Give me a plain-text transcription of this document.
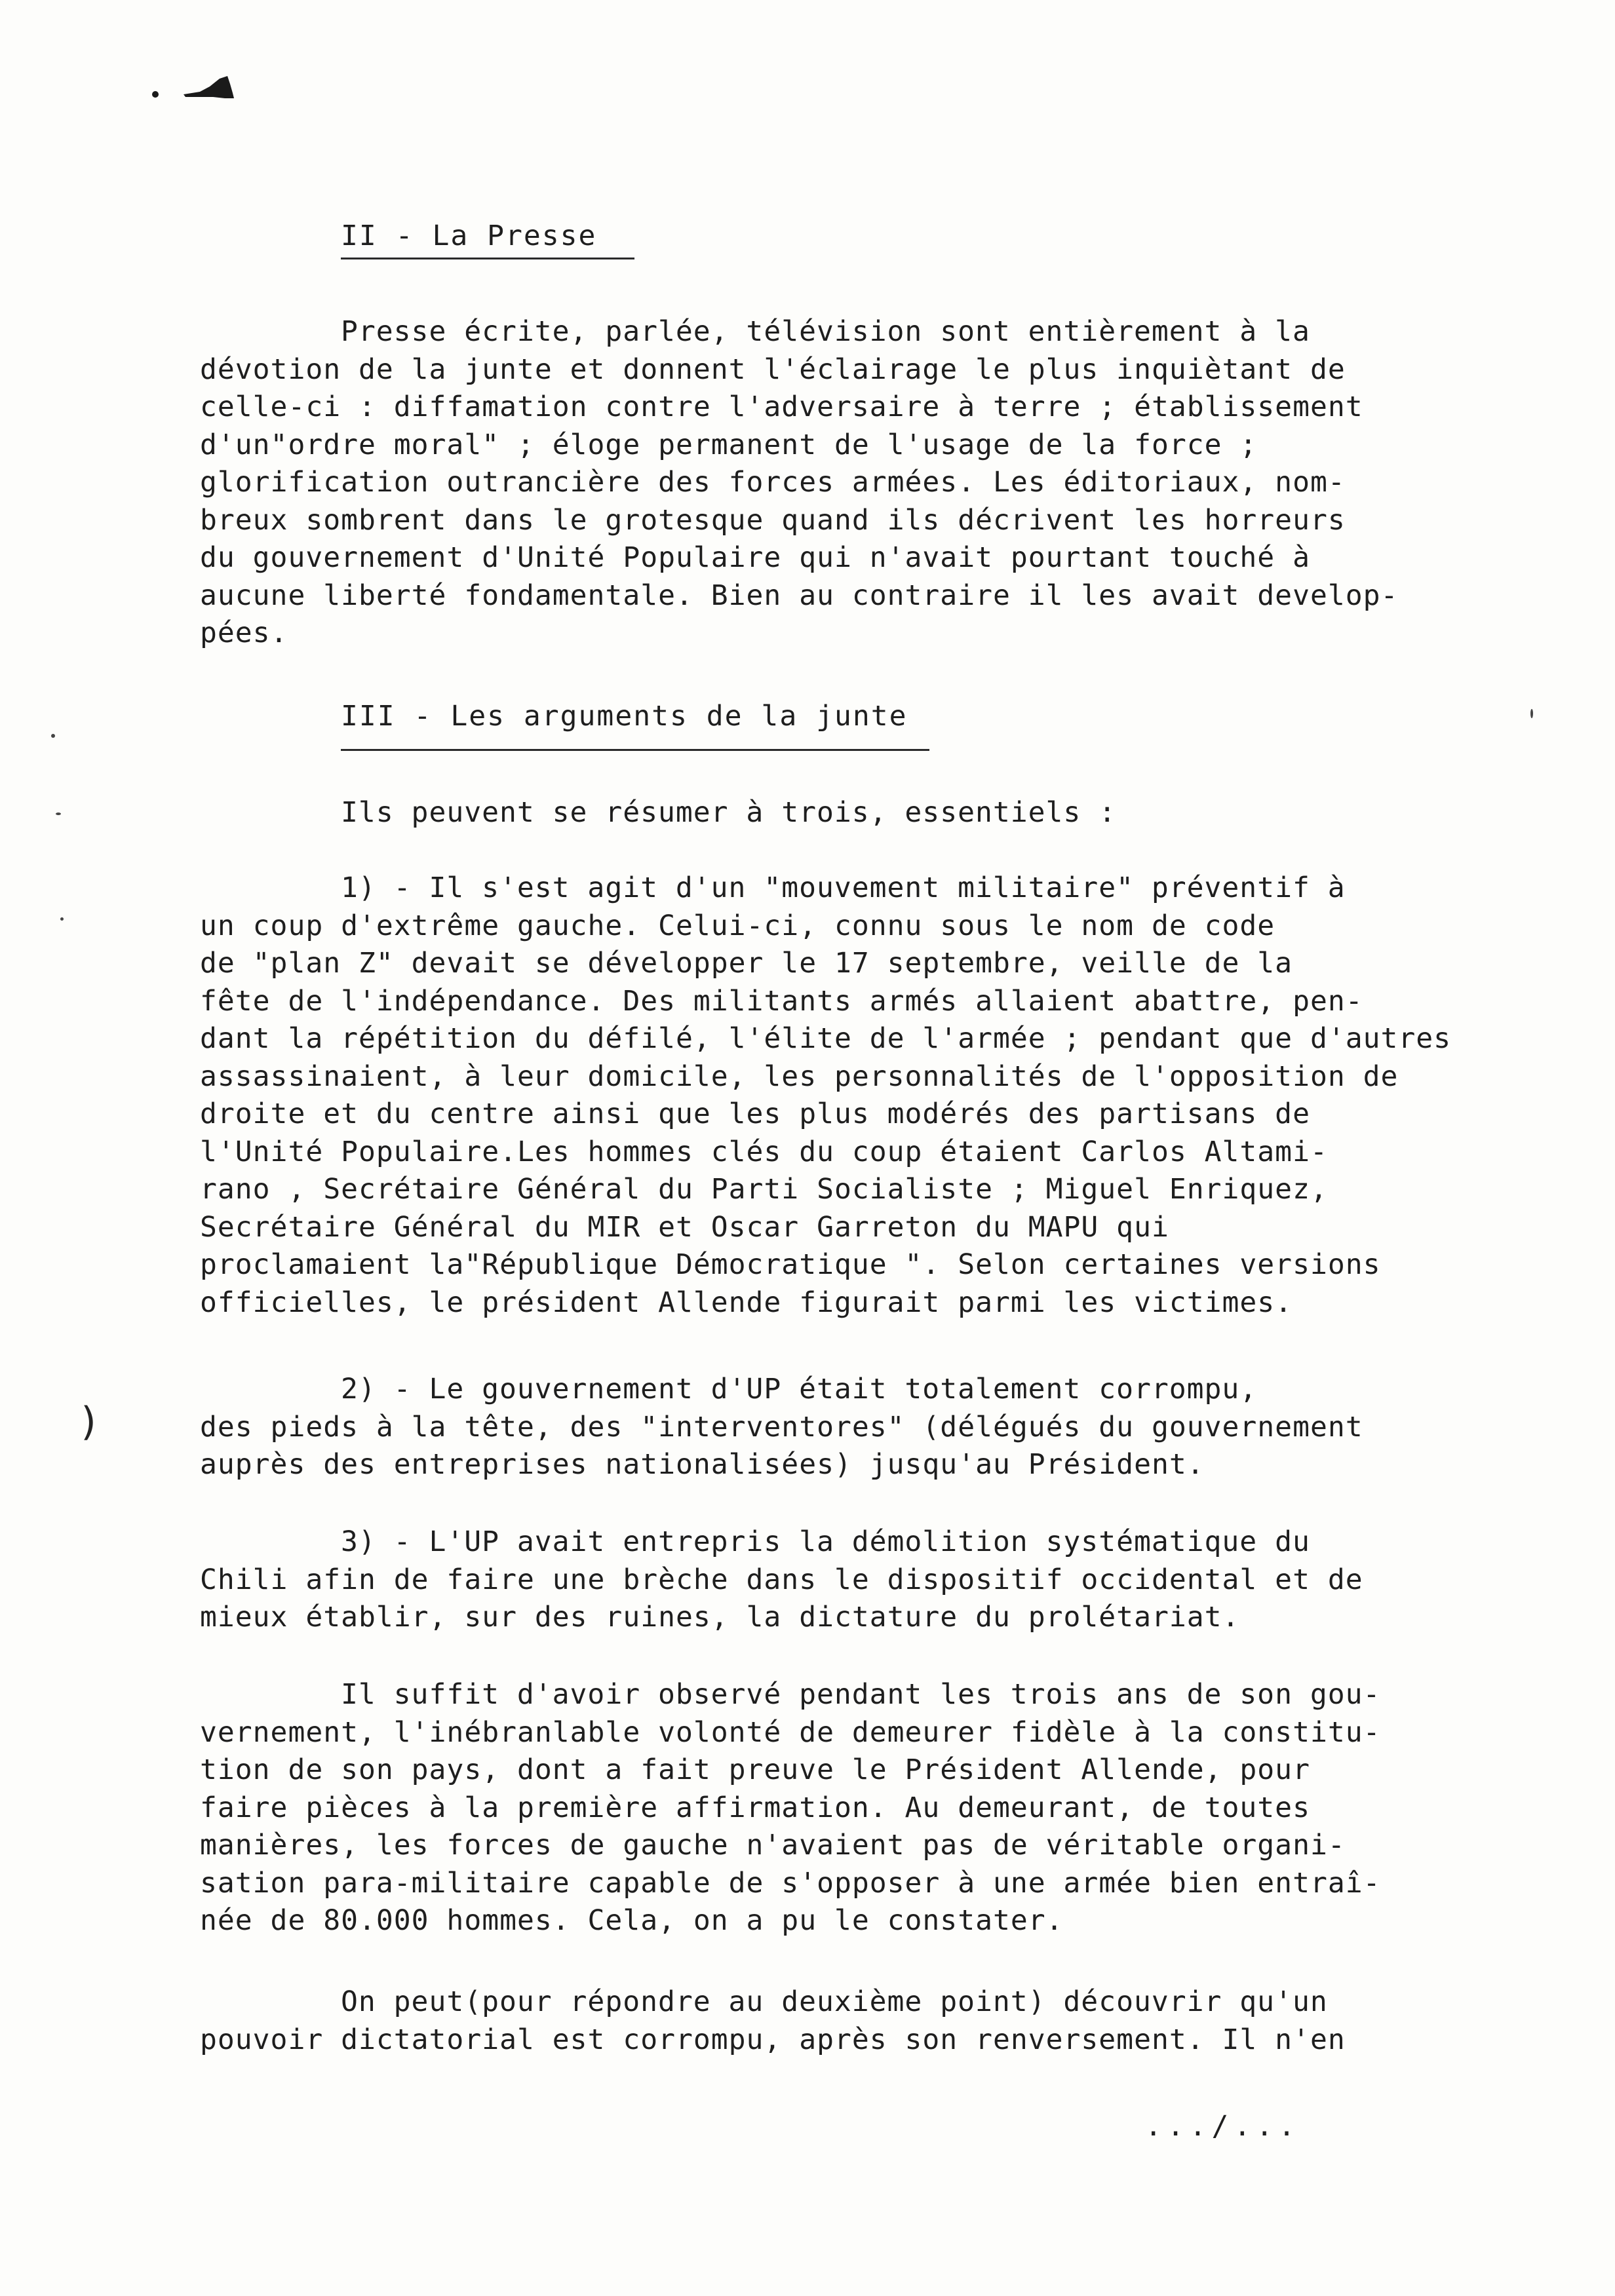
II - La Presse
Presse écrite, parlée, télévision sont entièrement à la
dévotion de la junte et donnent l'éclairage le plus inquiètant de
celle-ci : diffamation contre l'adversaire à terre ; établissement
d'un"ordre moral" ; éloge permanent de l'usage de la force ;
glorification outrancière des forces armées. Les éditoriaux, nom-
breux sombrent dans le grotesque quand ils décrivent les horreurs
du gouvernement d'Unité Populaire qui n'avait pourtant touché à
aucune liberté fondamentale. Bien au contraire il les avait develop-
pées.
III - Les arguments de la junte
Ils peuvent se résumer à trois, essentiels :
1) - Il s'est agit d'un "mouvement militaire" préventif à
un coup d'extrême gauche. Celui-ci, connu sous le nom de code
de "plan Z" devait se développer le 17 septembre, veille de la
fête de l'indépendance. Des militants armés allaient abattre, pen-
dant la répétition du défilé, l'élite de l'armée ; pendant que d'autres
assassinaient, à leur domicile, les personnalités de l'opposition de
droite et du centre ainsi que les plus modérés des partisans de
l'Unité Populaire.Les hommes clés du coup étaient Carlos Altami-
rano , Secrétaire Général du Parti Socialiste ; Miguel Enriquez,
Secrétaire Général du MIR et Oscar Garreton du MAPU qui
proclamaient la"République Démocratique ". Selon certaines versions
officielles, le président Allende figurait parmi les victimes.
)
2) - Le gouvernement d'UP était totalement corrompu,
des pieds à la tête, des "interventores" (délégués du gouvernement
auprès des entreprises nationalisées) jusqu'au Président.
3) - L'UP avait entrepris la démolition systématique du
Chili afin de faire une brèche dans le dispositif occidental et de
mieux établir, sur des ruines, la dictature du prolétariat.
Il suffit d'avoir observé pendant les trois ans de son gou-
vernement, l'inébranlable volonté de demeurer fidèle à la constitu-
tion de son pays, dont a fait preuve le Président Allende, pour
faire pièces à la première affirmation. Au demeurant, de toutes
manières, les forces de gauche n'avaient pas de véritable organi-
sation para-militaire capable de s'opposer à une armée bien entraî-
née de 80.000 hommes. Cela, on a pu le constater.
On peut(pour répondre au deuxième point) découvrir qu'un
pouvoir dictatorial est corrompu, après son renversement. Il n'en
.../...
